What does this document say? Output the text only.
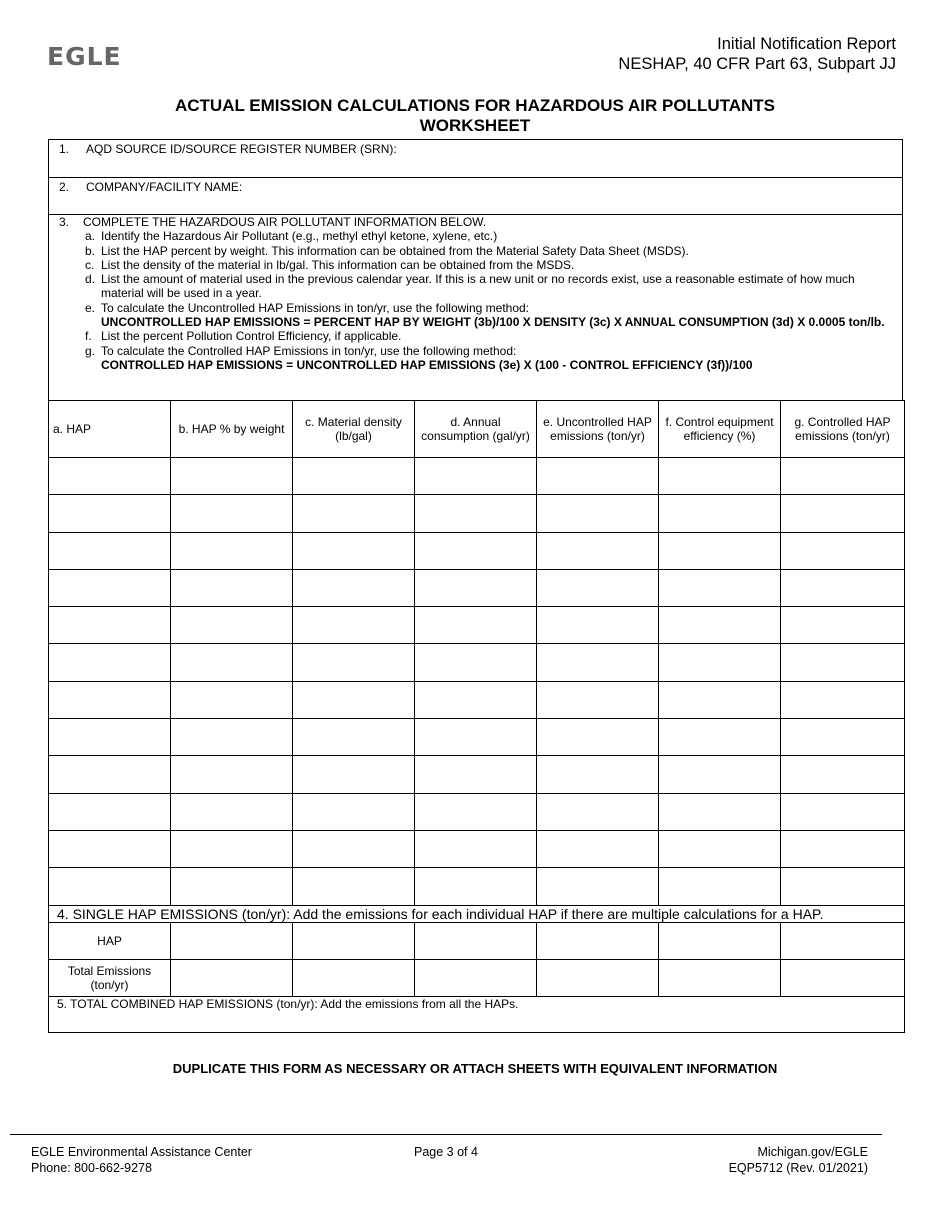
EGLE	Initial Notification Report
NESHAP, 40 CFR Part 63, Subpart JJ
ACTUAL EMISSION CALCULATIONS FOR HAZARDOUS AIR POLLUTANTS
WORKSHEET
1. AQD SOURCE ID/SOURCE REGISTER NUMBER (SRN):
2. COMPANY/FACILITY NAME:
3. COMPLETE THE HAZARDOUS AIR POLLUTANT INFORMATION BELOW.
a. Identify the Hazardous Air Pollutant (e.g., methyl ethyl ketone, xylene, etc.)
b. List the HAP percent by weight. This information can be obtained from the Material Safety Data Sheet (MSDS).
c. List the density of the material in lb/gal. This information can be obtained from the MSDS.
d. List the amount of material used in the previous calendar year. If this is a new unit or no records exist, use a reasonable estimate of how much material will be used in a year.
e. To calculate the Uncontrolled HAP Emissions in ton/yr, use the following method:
UNCONTROLLED HAP EMISSIONS = PERCENT HAP BY WEIGHT (3b)/100 X DENSITY (3c) X ANNUAL CONSUMPTION (3d) X 0.0005 ton/lb.
f. List the percent Pollution Control Efficiency, if applicable.
g. To calculate the Controlled HAP Emissions in ton/yr, use the following method:
CONTROLLED HAP EMISSIONS = UNCONTROLLED HAP EMISSIONS (3e) X (100 - CONTROL EFFICIENCY (3f))/100
a. HAP	b. HAP % by weight	c. Material density (lb/gal)	d. Annual consumption (gal/yr)	e. Uncontrolled HAP emissions (ton/yr)	f. Control equipment efficiency (%)	g. Controlled HAP emissions (ton/yr)

4. SINGLE HAP EMISSIONS (ton/yr): Add the emissions for each individual HAP if there are multiple calculations for a HAP.						
HAP						
Total Emissions (ton/yr)						
5. TOTAL COMBINED HAP EMISSIONS (ton/yr): Add the emissions from all the HAPs.						
DUPLICATE THIS FORM AS NECESSARY OR ATTACH SHEETS WITH EQUIVALENT INFORMATION
EGLE Environmental Assistance Center
Phone: 800-662-9278
Page 3 of 4	Michigan.gov/EGLE
EQP5712 (Rev. 01/2021)
